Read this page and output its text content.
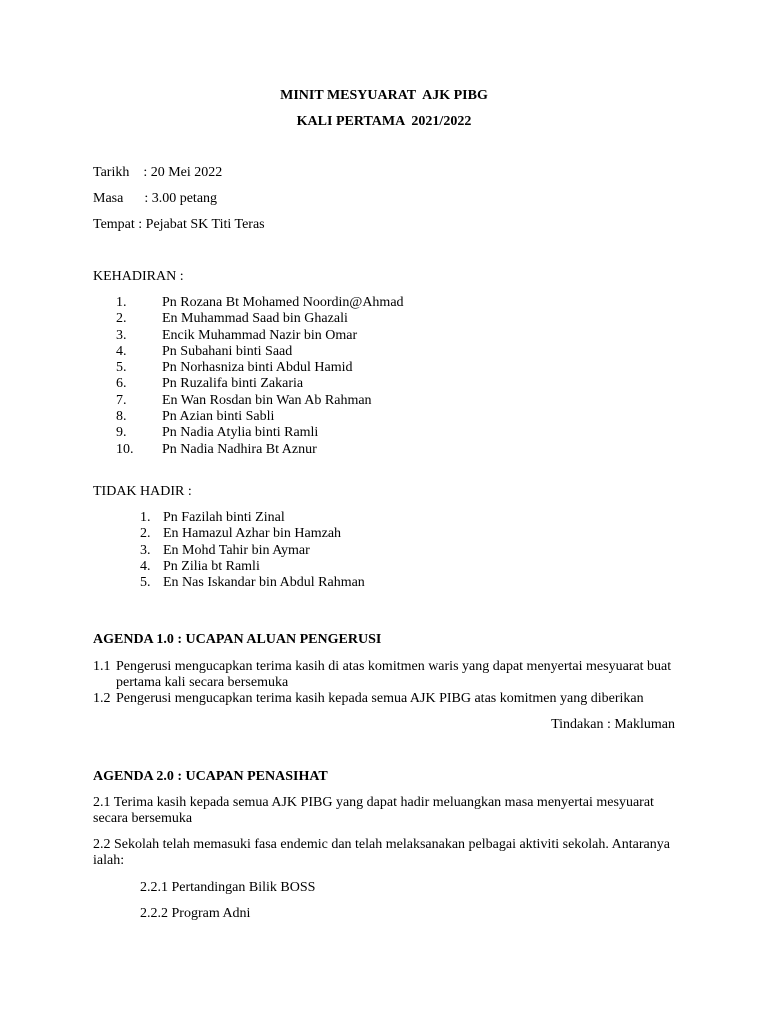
MINIT MESYUARAT  AJK PIBG
KALI PERTAMA  2021/2022
Tarikh    : 20 Mei 2022
Masa      : 3.00 petang
Tempat : Pejabat SK Titi Teras
KEHADIRAN :
1.	Pn Rozana Bt Mohamed Noordin@Ahmad
2.	En Muhammad Saad bin Ghazali
3.	Encik Muhammad Nazir bin Omar
4.	Pn Subahani binti Saad
5.	Pn Norhasniza binti Abdul Hamid
6.	Pn Ruzalifa binti Zakaria
7.	En Wan Rosdan bin Wan Ab Rahman
8.	Pn Azian binti Sabli
9.	Pn Nadia Atylia binti Ramli
10.	Pn Nadia Nadhira Bt Aznur
TIDAK HADIR :
1. Pn Fazilah binti Zinal
2. En Hamazul Azhar bin Hamzah
3. En Mohd Tahir bin Aymar
4. Pn Zilia bt Ramli
5. En Nas Iskandar bin Abdul Rahman
AGENDA 1.0 : UCAPAN ALUAN PENGERUSI
1.1 Pengerusi mengucapkan terima kasih di atas komitmen waris yang dapat menyertai mesyuarat buat pertama kali secara bersemuka
1.2 Pengerusi mengucapkan terima kasih kepada semua AJK PIBG atas komitmen yang diberikan
Tindakan : Makluman
AGENDA 2.0 : UCAPAN PENASIHAT
2.1 Terima kasih kepada semua AJK PIBG yang dapat hadir meluangkan masa menyertai mesyuarat secara bersemuka
2.2 Sekolah telah memasuki fasa endemic dan telah melaksanakan pelbagai aktiviti sekolah. Antaranya ialah:
2.2.1 Pertandingan Bilik BOSS
2.2.2 Program Adni
